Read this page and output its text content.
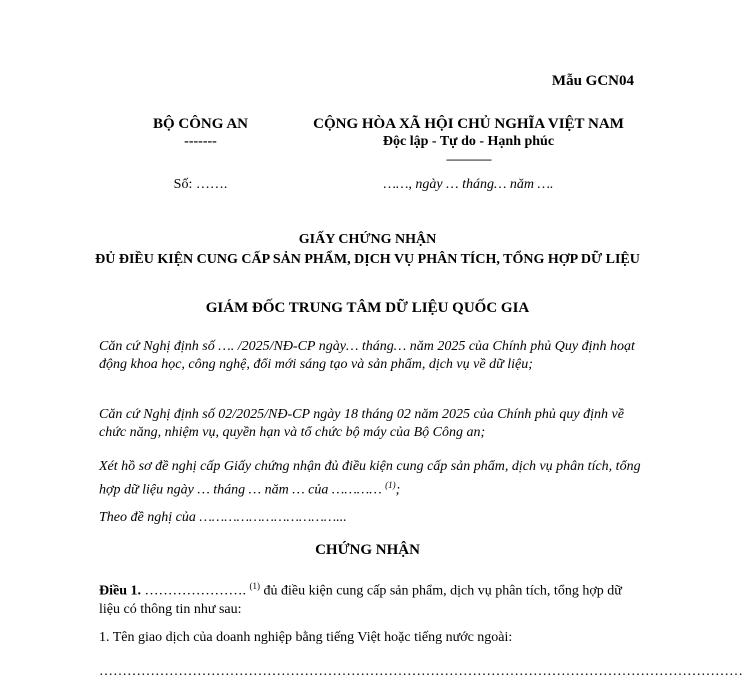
Mẫu GCN04
BỘ CÔNG AN	CỘNG HÒA XÃ HỘI CHỦ NGHĨA VIỆT NAM
-------	Độc lập - Tự do - Hạnh phúc
---------------
Số: …….	……, ngày … tháng… năm ….
GIẤY CHỨNG NHẬN
ĐỦ ĐIỀU KIỆN CUNG CẤP SẢN PHẨM, DỊCH VỤ PHÂN TÍCH, TỔNG HỢP DỮ LIỆU
GIÁM ĐỐC TRUNG TÂM DỮ LIỆU QUỐC GIA
Căn cứ Nghị định số …. /2025/NĐ-CP ngày… tháng… năm 2025 của Chính phủ Quy định hoạt động khoa học, công nghệ, đổi mới sáng tạo và sản phẩm, dịch vụ về dữ liệu;
Căn cứ Nghị định số 02/2025/NĐ-CP ngày 18 tháng 02 năm 2025 của Chính phủ quy định về chức năng, nhiệm vụ, quyền hạn và tổ chức bộ máy của Bộ Công an;
Xét hồ sơ đề nghị cấp Giấy chứng nhận đủ điều kiện cung cấp sản phẩm, dịch vụ phân tích, tổng hợp dữ liệu ngày … tháng … năm … của ………… $^{(1)}$;
Theo đề nghị của ……………………………...
CHỨNG NHẬN
Điều 1. …………………. $^{(1)}$ đủ điều kiện cung cấp sản phẩm, dịch vụ phân tích, tổng hợp dữ liệu có thông tin như sau:
1. Tên giao dịch của doanh nghiệp bằng tiếng Việt hoặc tiếng nước ngoài:
…………………………………………………………………………………………………………………………
